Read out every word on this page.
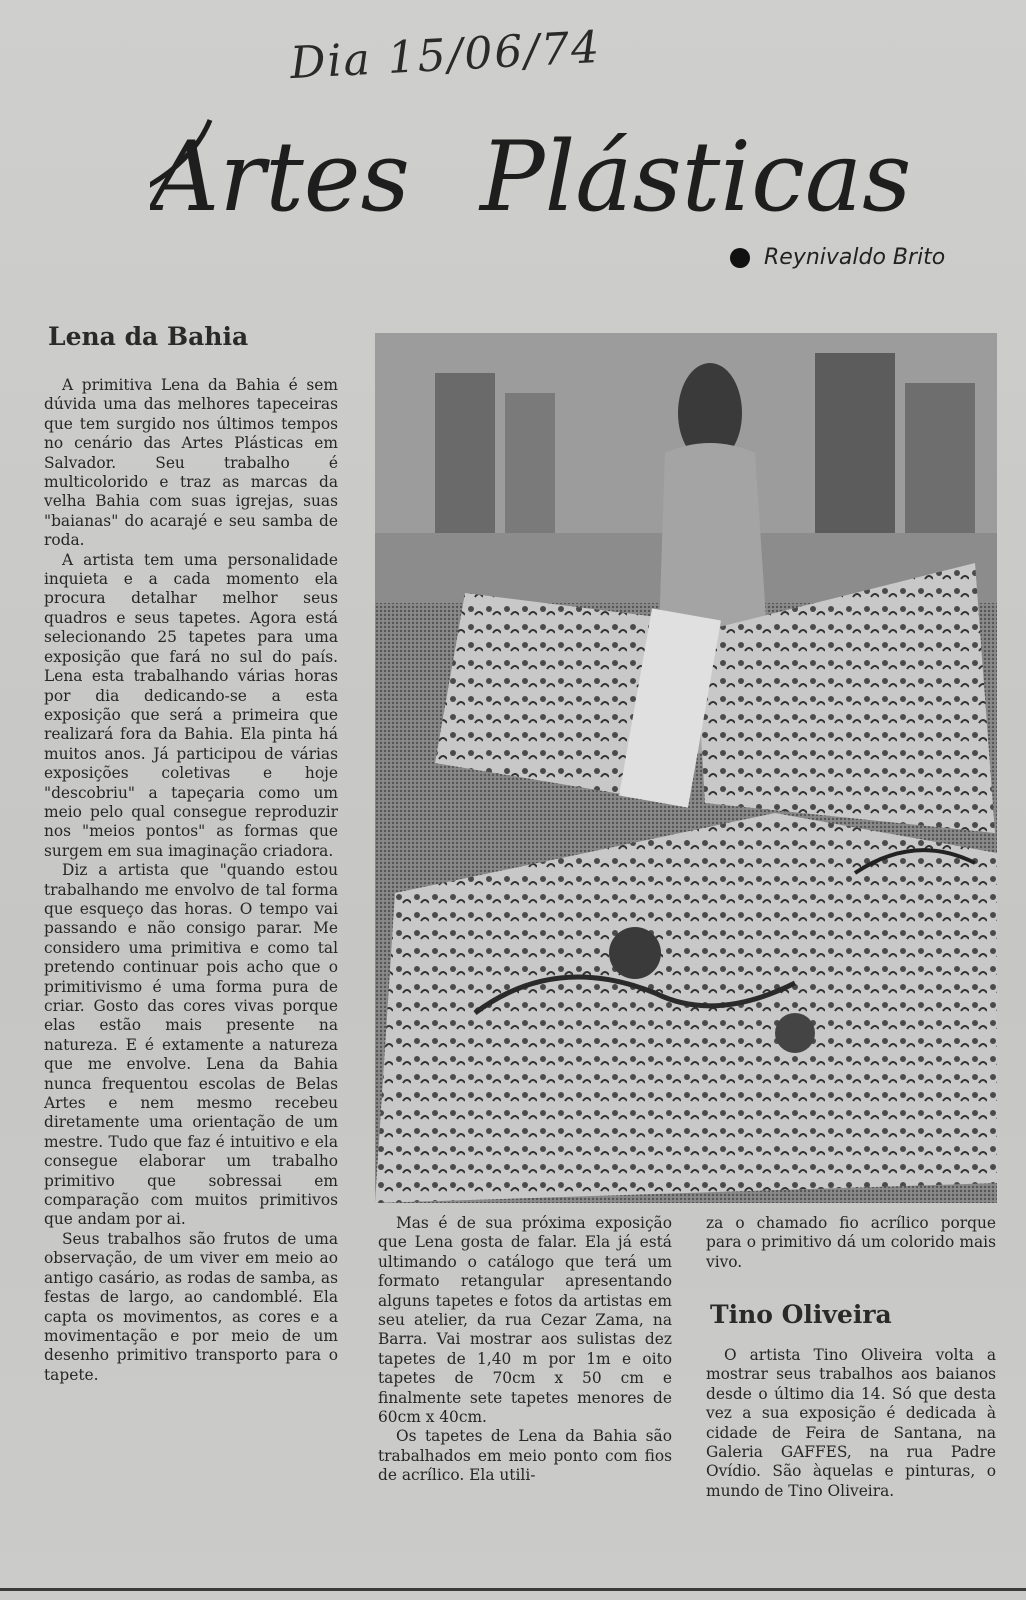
Dia 15/06/74
Artes Plásticas
Reynivaldo Brito
Lena da Bahia

A primitiva Lena da Bahia é sem dúvida uma das melhores tapeceiras que tem surgido nos últimos tempos no cenário das Artes Plásticas em Salvador. Seu trabalho é multicolorido e traz as marcas da velha Bahia com suas igrejas, suas "baianas" do acarajé e seu samba de roda.

A artista tem uma personalidade inquieta e a cada momento ela procura detalhar melhor seus quadros e seus tapetes. Agora está selecionando 25 tapetes para uma exposição que fará no sul do país. Lena esta trabalhando várias horas por dia dedicando-se a esta exposição que será a primeira que realizará fora da Bahia. Ela pinta há muitos anos. Já participou de várias exposições coletivas e hoje "descobriu" a tapeçaria como um meio pelo qual consegue reproduzir nos "meios pontos" as formas que surgem em sua imaginação criadora.

Diz a artista que "quando estou trabalhando me envolvo de tal forma que esqueço das horas. O tempo vai passando e não consigo parar. Me considero uma primitiva e como tal pretendo continuar pois acho que o primitivismo é uma forma pura de criar. Gosto das cores vivas porque elas estão mais presente na natureza. E é extamente a natureza que me envolve. Lena da Bahia nunca frequentou escolas de Belas Artes e nem mesmo recebeu diretamente uma orientação de um mestre. Tudo que faz é intuitivo e ela consegue elaborar um trabalho primitivo que sobressai em comparação com muitos primitivos que andam por ai.

Seus trabalhos são frutos de uma observação, de um viver em meio ao antigo casário, as rodas de samba, as festas de largo, ao candomblé. Ela capta os movimentos, as cores e a movimentação e por meio de um desenho primitivo transporto para o tapete.

Mas é de sua próxima exposição que Lena gosta de falar. Ela já está ultimando o catálogo que terá um formato retangular apresentando alguns tapetes e fotos da artistas em seu atelier, da rua Cezar Zama, na Barra. Vai mostrar aos sulistas dez tapetes de 1,40 m por 1m e oito tapetes de 70cm x 50 cm e finalmente sete tapetes menores de 60cm x 40cm.

Os tapetes de Lena da Bahia são trabalhados em meio ponto com fios de acrílico. Ela utili-

za o chamado fio acrílico porque para o primitivo dá um colorido mais vivo.

Tino Oliveira

O artista Tino Oliveira volta a mostrar seus trabalhos aos baianos desde o último dia 14. Só que desta vez a sua exposição é dedicada à cidade de Feira de Santana, na Galeria GAFFES, na rua Padre Ovídio. São àquelas e pinturas, o mundo de Tino Oliveira.
